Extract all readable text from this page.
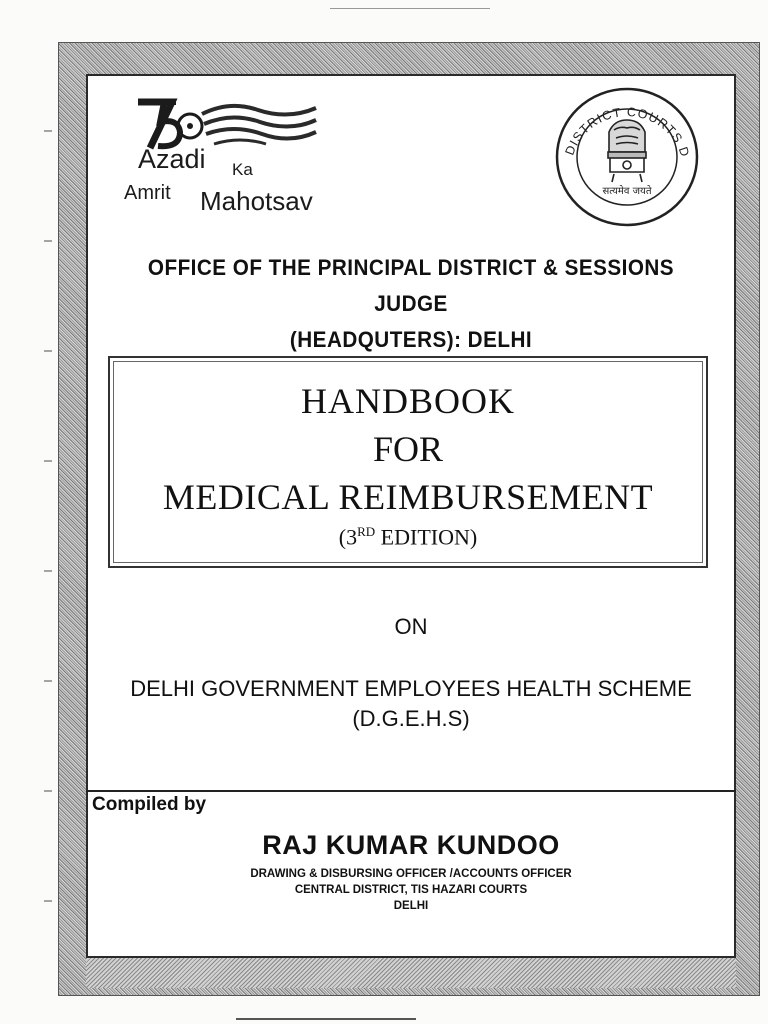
Azadi Ka
Amrit Mahotsav
DISTRICT COURTS D
सत्यमेव जयते
OFFICE OF THE PRINCIPAL DISTRICT & SESSIONS JUDGE
(HEADQUTERS): DELHI
HANDBOOK
FOR
MEDICAL REIMBURSEMENT
(3RD EDITION)
ON
DELHI GOVERNMENT EMPLOYEES HEALTH SCHEME
(D.G.E.H.S)
Compiled by
RAJ KUMAR KUNDOO
DRAWING & DISBURSING OFFICER /ACCOUNTS OFFICER
CENTRAL DISTRICT, TIS HAZARI COURTS
DELHI
